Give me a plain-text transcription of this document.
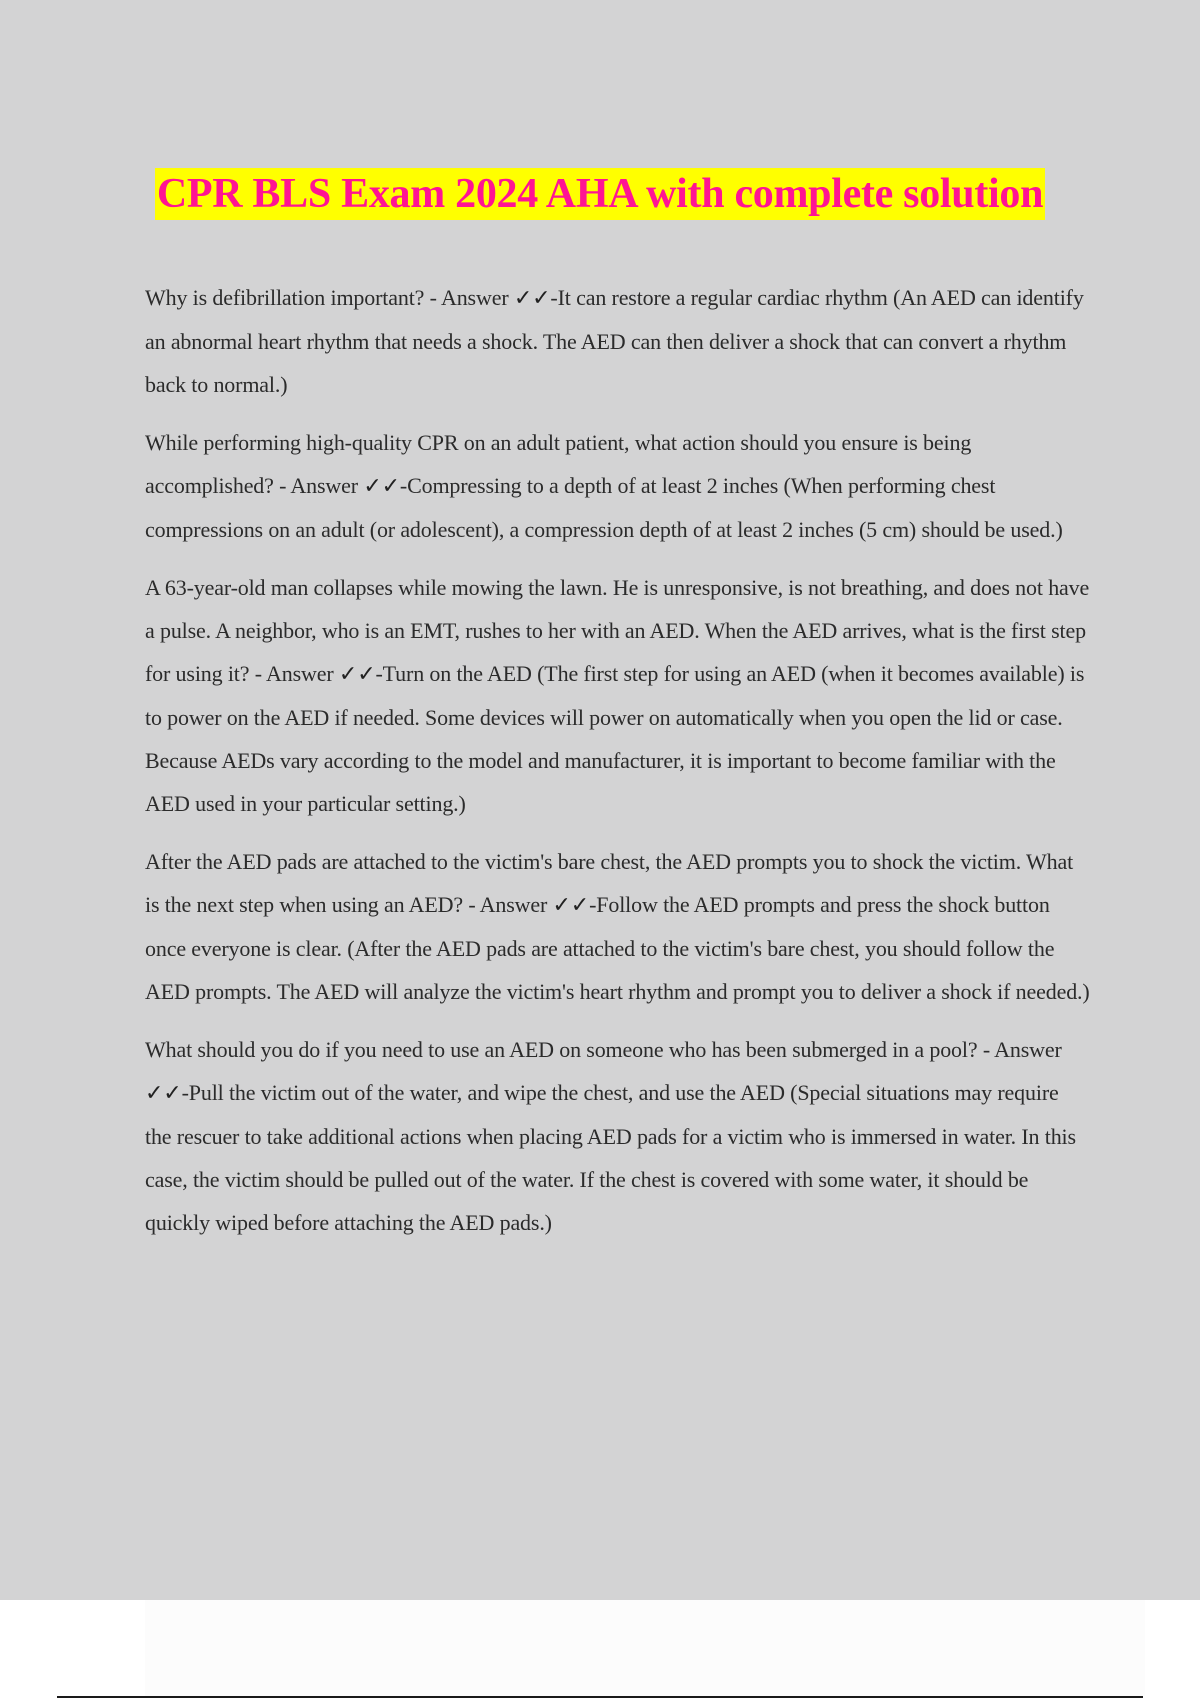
CPR BLS Exam 2024 AHA with complete solution

Why is defibrillation important? - Answer ✓✓-It can restore a regular cardiac rhythm (An AED can identify an abnormal heart rhythm that needs a shock. The AED can then deliver a shock that can convert a rhythm back to normal.)

While performing high-quality CPR on an adult patient, what action should you ensure is being accomplished? - Answer ✓✓-Compressing to a depth of at least 2 inches (When performing chest compressions on an adult (or adolescent), a compression depth of at least 2 inches (5 cm) should be used.)

A 63-year-old man collapses while mowing the lawn. He is unresponsive, is not breathing, and does not have a pulse. A neighbor, who is an EMT, rushes to her with an AED. When the AED arrives, what is the first step for using it? - Answer ✓✓-Turn on the AED (The first step for using an AED (when it becomes available) is to power on the AED if needed. Some devices will power on automatically when you open the lid or case. Because AEDs vary according to the model and manufacturer, it is important to become familiar with the AED used in your particular setting.)

After the AED pads are attached to the victim's bare chest, the AED prompts you to shock the victim. What is the next step when using an AED? - Answer ✓✓-Follow the AED prompts and press the shock button once everyone is clear. (After the AED pads are attached to the victim's bare chest, you should follow the AED prompts. The AED will analyze the victim's heart rhythm and prompt you to deliver a shock if needed.)

What should you do if you need to use an AED on someone who has been submerged in a pool? - Answer ✓✓-Pull the victim out of the water, and wipe the chest, and use the AED (Special situations may require the rescuer to take additional actions when placing AED pads for a victim who is immersed in water. In this case, the victim should be pulled out of the water. If the chest is covered with some water, it should be quickly wiped before attaching the AED pads.)
